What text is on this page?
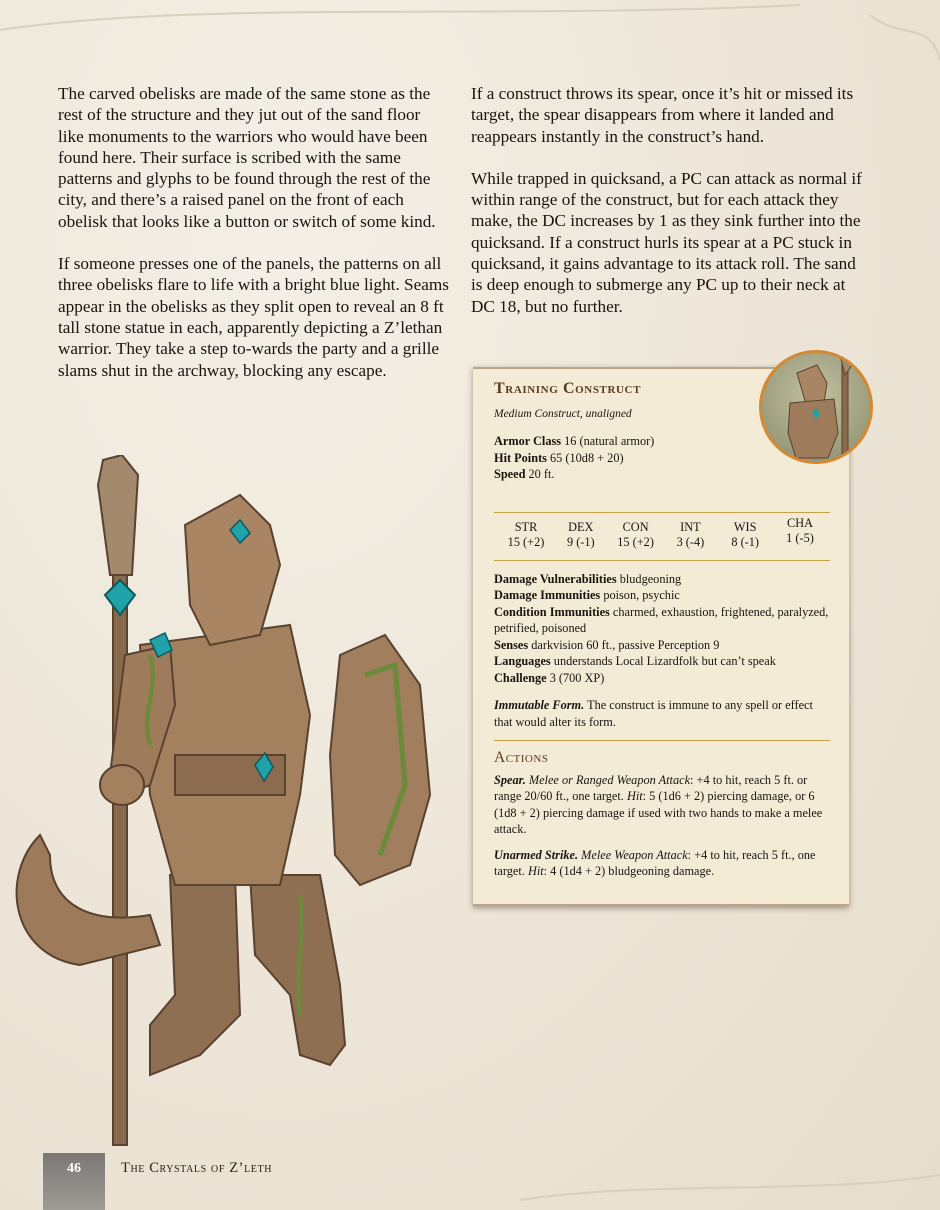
The carved obelisks are made of the same stone as the rest of the structure and they jut out of the sand floor like monuments to the warriors who would have been found here. Their surface is scribed with the same patterns and glyphs to be found through the rest of the city, and there’s a raised panel on the front of each obelisk that looks like a button or switch of some kind.

If someone presses one of the panels, the patterns on all three obelisks flare to life with a bright blue light. Seams appear in the obelisks as they split open to reveal an 8 ft tall stone statue in each, apparently depicting a Z’lethan warrior. They take a step to-wards the party and a grille slams shut in the archway, blocking any escape.

If a construct throws its spear, once it’s hit or missed its target, the spear disappears from where it landed and reappears instantly in the construct’s hand.

While trapped in quicksand, a PC can attack as normal if within range of the construct, but for each attack they make, the DC increases by 1 as they sink further into the quicksand. If a construct hurls its spear at a PC stuck in quicksand, it gains advantage to its attack roll. The sand is deep enough to submerge any PC up to their neck at DC 18, but no further.

Training Construct
Medium Construct, unaligned

Armor Class 16 (natural armor)

Hit Points 65 (10d8 + 20)

Speed 20 ft.

STR
15 (+2)
DEX
9 (-1)
CON
15 (+2)
INT
3 (-4)
WIS
8 (-1)
CHA
1 (-5)

Damage Vulnerabilities bludgeoning

Damage Immunities poison, psychic

Condition Immunities charmed, exhaustion, frightened, paralyzed, petrified, poisoned

Senses darkvision 60 ft., passive Perception 9

Languages understands Local Lizardfolk but can’t speak

Challenge 3 (700 XP)

Immutable Form. The construct is immune to any spell or effect that would alter its form.

Actions

Spear. Melee or Ranged Weapon Attack: +4 to hit, reach 5 ft. or range 20/60 ft., one target. Hit: 5 (1d6 + 2) piercing damage, or 6 (1d8 + 2) piercing damage if used with two hands to make a melee attack.

Unarmed Strike. Melee Weapon Attack: +4 to hit, reach 5 ft., one target. Hit: 4 (1d4 + 2) bludgeoning damage.

46	The Crystals of Z’leth
